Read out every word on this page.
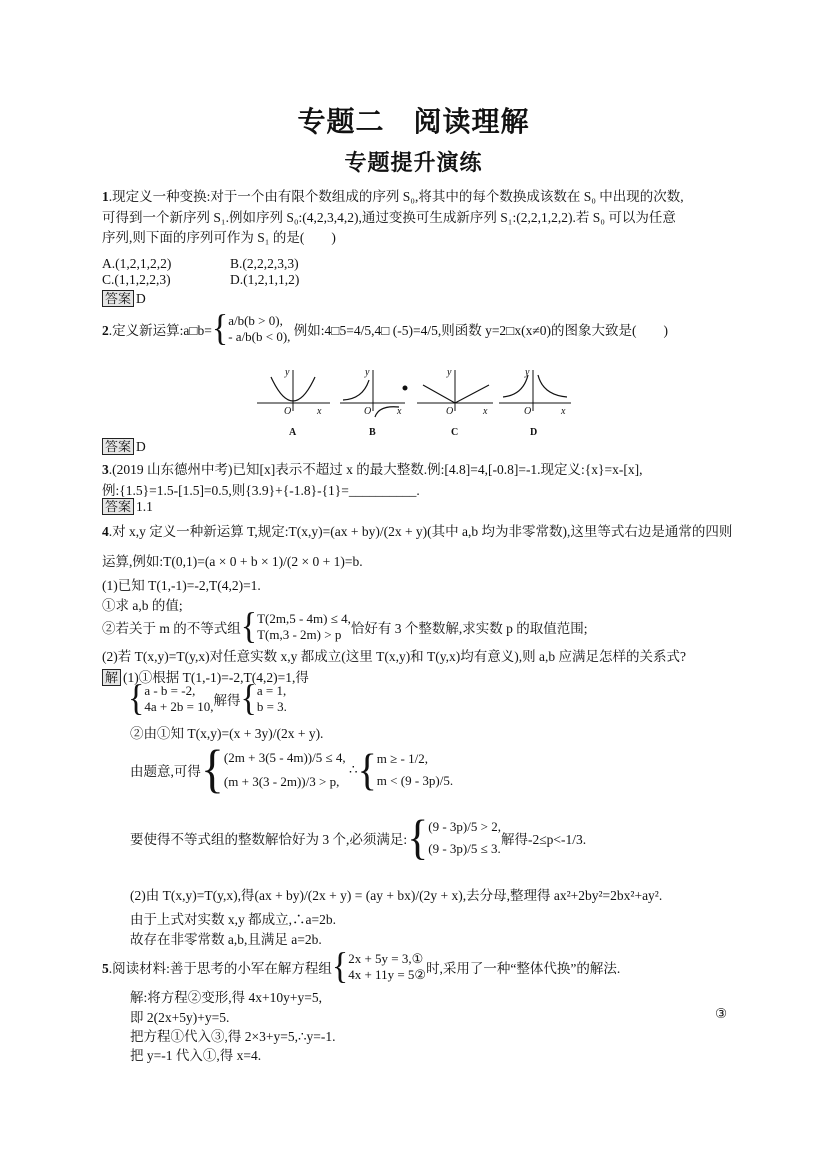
专题二　阅读理解
专题提升演练
1.现定义一种变换:对于一个由有限个数组成的序列 S₀,将其中的每个数换成该数在 S₀ 中出现的次数,
可得到一个新序列 S₁.例如序列 S₀:(4,2,3,4,2),通过变换可生成新序列 S₁:(2,2,1,2,2).若 S₀ 可以为任意
序列,则下面的序列可作为 S₁ 的是(　　)
A.(1,2,1,2,2)	B.(2,2,2,3,3)
C.(1,1,2,2,3)	D.(1,2,1,1,2)
答案 D
2.定义新运算:a□b={ a/b(b > 0),
- a/b(b < 0), 例如:4□5=4/5,4□ (-5)=4/5,则函数 y=2□x(x≠0)的图象大致是(　　)
y
x
O
y
x
O
y
x
O
y
x
O
A	B	C	D
答案 D
3.(2019 山东德州中考)已知[x]表示不超过 x 的最大整数.例:[4.8]=4,[-0.8]=-1.现定义:{x}=x-[x],
例:{1.5}=1.5-[1.5]=0.5,则{3.9}+{-1.8}-{1}=__________.
答案 1.1
4.对 x,y 定义一种新运算 T,规定:T(x,y)=(ax + by)/(2x + y)(其中 a,b 均为非零常数),这里等式右边是通常的四则
运算,例如:T(0,1)=(a × 0 + b × 1)/(2 × 0 + 1)=b.
(1)已知 T(1,-1)=-2,T(4,2)=1.
①求 a,b 的值;
②若关于 m 的不等式组{ T(2m,5 - 4m) ≤ 4,
T(m,3 - 2m) > p 恰好有 3 个整数解,求实数 p 的取值范围;
(2)若 T(x,y)=T(y,x)对任意实数 x,y 都成立(这里 T(x,y)和 T(y,x)均有意义),则 a,b 应满足怎样的关系式?
解 (1)①根据 T(1,-1)=-2,T(4,2)=1,得
{ a - b = -2,
4a + 2b = 10, 解得{ a = 1,
b = 3.
②由①知 T(x,y)=(x + 3y)/(2x + y).
由题意,可得{ (2m + 3(5 - 4m))/5 ≤ 4,
(m + 3(3 - 2m))/3 > p,
∴{ m ≥ - 1/2,
m < (9 - 3p)/5.
要使得不等式组的整数解恰好为 3 个,必须满足:{ (9 - 3p)/5 > 2,
(9 - 3p)/5 ≤ 3.
解得-2≤p<-1/3.
(2)由 T(x,y)=T(y,x),得(ax + by)/(2x + y) = (ay + bx)/(2y + x),去分母,整理得 ax²+2by²=2bx²+ay².
由于上式对实数 x,y 都成立,∴a=2b.
故存在非零常数 a,b,且满足 a=2b.
5.阅读材料:善于思考的小军在解方程组{ 2x + 5y = 3,①
4x + 11y = 5② 时,采用了一种“整体代换”的解法.
解:将方程②变形,得 4x+10y+y=5,
即 2(2x+5y)+y=5.	③
把方程①代入③,得 2×3+y=5,∴y=-1.
把 y=-1 代入①,得 x=4.
